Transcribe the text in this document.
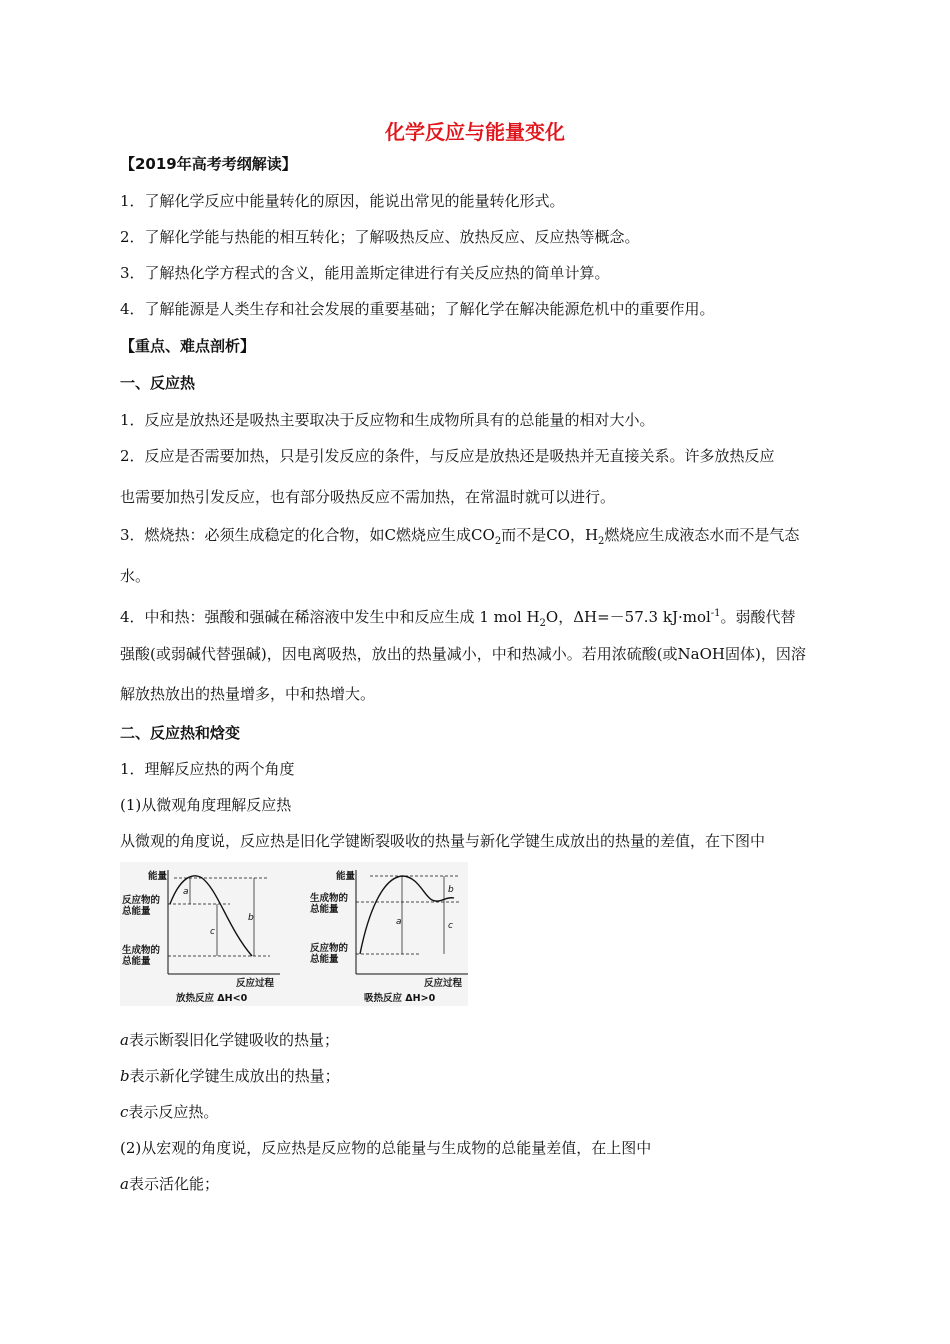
化学反应与能量变化
【2019年高考考纲解读】
1．了解化学反应中能量转化的原因，能说出常见的能量转化形式。
2．了解化学能与热能的相互转化；了解吸热反应、放热反应、反应热等概念。
3．了解热化学方程式的含义，能用盖斯定律进行有关反应热的简单计算。
4．了解能源是人类生存和社会发展的重要基础；了解化学在解决能源危机中的重要作用。
【重点、难点剖析】
一、反应热
1．反应是放热还是吸热主要取决于反应物和生成物所具有的总能量的相对大小。
2．反应是否需要加热，只是引发反应的条件，与反应是放热还是吸热并无直接关系。许多放热反应
也需要加热引发反应，也有部分吸热反应不需加热，在常温时就可以进行。
3．燃烧热：必须生成稳定的化合物，如C燃烧应生成$CO_2$而不是CO，$H_2$燃烧应生成液态水而不是气态
水。
4．中和热：强酸和强碱在稀溶液中发生中和反应生成 1 mol $H_2O$，ΔH=－57.3 kJ·mol$^{-1}$。弱酸代替
强酸(或弱碱代替强碱)，因电离吸热，放出的热量减小，中和热减小。若用浓硫酸(或NaOH固体)，因溶
解放热放出的热量增多，中和热增大。
二、反应热和焓变
1．理解反应热的两个角度
(1)从微观角度理解反应热
从微观的角度说，反应热是旧化学键断裂吸收的热量与新化学键生成放出的热量的差值，在下图中
能量
反应物的
总能量
生成物的
总能量
a
b
c
反应过程
放热反应 ΔH<0
能量
生成物的
总能量
反应物的
总能量
a
b
c
反应过程
吸热反应 ΔH>0
a表示断裂旧化学键吸收的热量；
b表示新化学键生成放出的热量；
c表示反应热。
(2)从宏观的角度说，反应热是反应物的总能量与生成物的总能量差值，在上图中
a表示活化能；
